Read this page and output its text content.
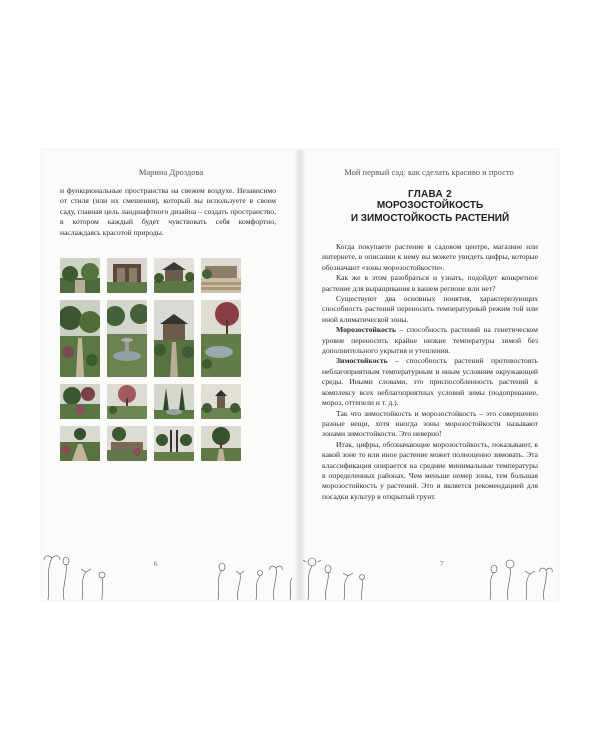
Марина Дроздова

и функциональные пространства на свежем воздухе. Независимо от стиля (или их смешения), который вы используете в своем саду, главная цель ландшафтного дизайна – создать пространство, в котором каждый будет чувствовать себя комфортно, наслаждаясь красотой природы.

6
Мой первый сад: как сделать красиво и просто
ГЛАВА 2
МОРОЗОСТОЙКОСТЬ
И ЗИМОСТОЙКОСТЬ РАСТЕНИЙ

Когда покупаете растение в садовом центре, магазине или интернете, в описании к нему вы можете увидеть цифры, которые обозначают «зоны морозостойкости».

Как же в этом разобраться и узнать, подойдет конкретное растение для выращивания в вашем регионе или нет?

Существуют два основных понятия, характеризующих способность растений переносить температурный режим той или иной климатической зоны.

Морозостойкость – способность растений на генетическом уровне переносить крайне низкие температуры зимой без дополнительного укрытия и утепления.

Зимостойкость – способность растений противостоять неблагоприятным температурным и иным условиям окружающей среды. Иными словами, это приспособленность растений к комплексу всех неблагоприятных условий зимы (подопревание, мороз, оттепели и т. д.).

Так что зимостойкость и морозостойкость – это совершенно разные вещи, хотя иногда зоны морозостойкости называют зонами зимостойкости. Это неверно!

Итак, цифры, обозначающие морозостойкость, показывают, в какой зоне то или иное растение может полноценно зимовать. Эта классификация опирается на средние минимальные температуры в определенных районах. Чем меньше номер зоны, тем большая морозостойкость у растений. Это и является рекомендацией для посадки культур в открытый грунт.

7
